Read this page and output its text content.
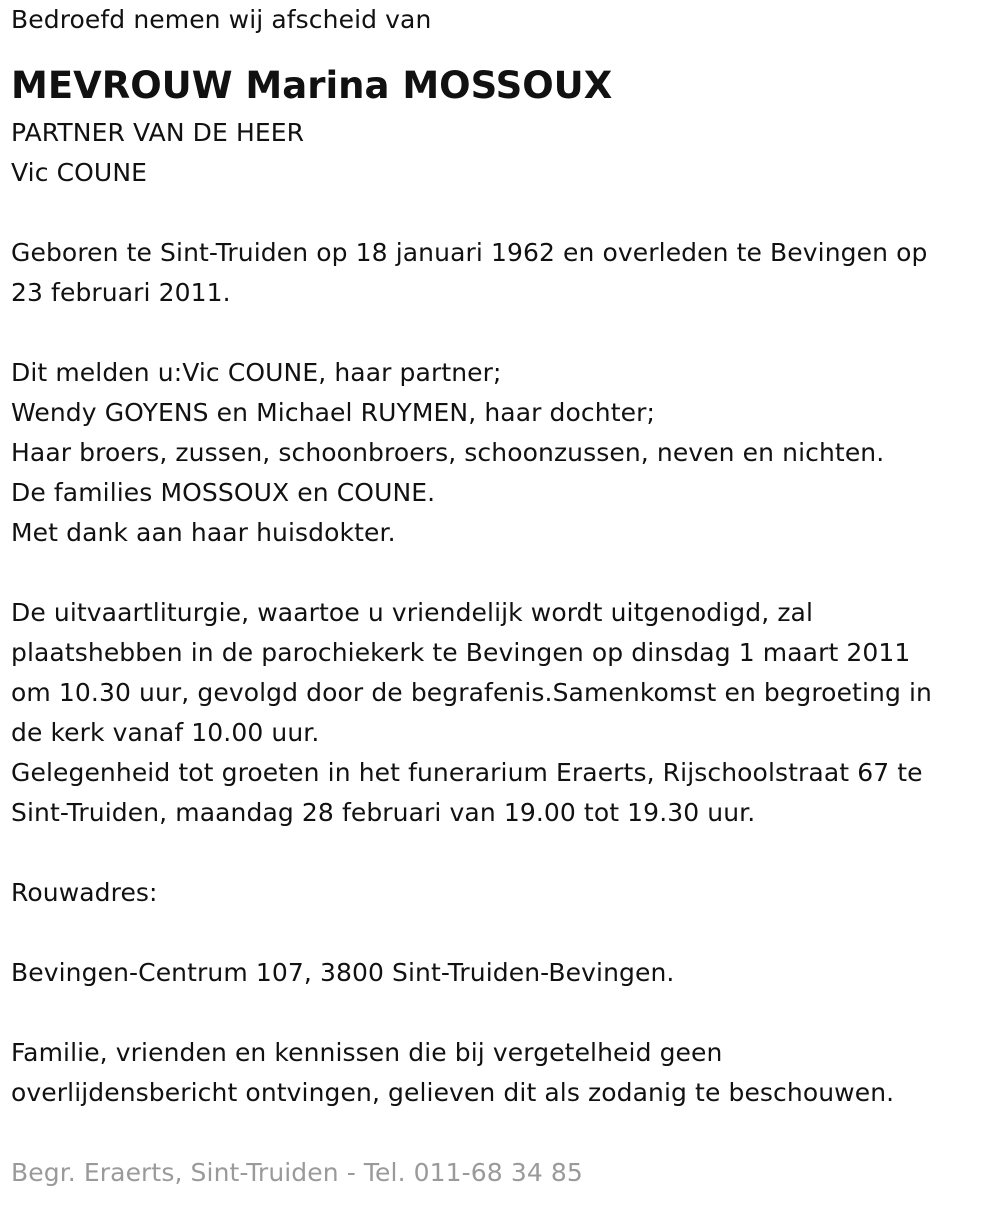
Bedroefd nemen wij afscheid van
MEVROUW Marina MOSSOUX
PARTNER VAN DE HEER
Vic COUNE
Geboren te Sint-Truiden op 18 januari 1962 en overleden te Bevingen op
23 februari 2011.
Dit melden u:Vic COUNE, haar partner;
Wendy GOYENS en Michael RUYMEN, haar dochter;
Haar broers, zussen, schoonbroers, schoonzussen, neven en nichten.
De families MOSSOUX en COUNE.
Met dank aan haar huisdokter.
De uitvaartliturgie, waartoe u vriendelijk wordt uitgenodigd, zal
plaatshebben in de parochiekerk te Bevingen op dinsdag 1 maart 2011
om 10.30 uur, gevolgd door de begrafenis.Samenkomst en begroeting in
de kerk vanaf 10.00 uur.
Gelegenheid tot groeten in het funerarium Eraerts, Rijschoolstraat 67 te
Sint-Truiden, maandag 28 februari van 19.00 tot 19.30 uur.
Rouwadres:
Bevingen-Centrum 107, 3800 Sint-Truiden-Bevingen.
Familie, vrienden en kennissen die bij vergetelheid geen
overlijdensbericht ontvingen, gelieven dit als zodanig te beschouwen.
Begr. Eraerts, Sint-Truiden - Tel. 011-68 34 85
